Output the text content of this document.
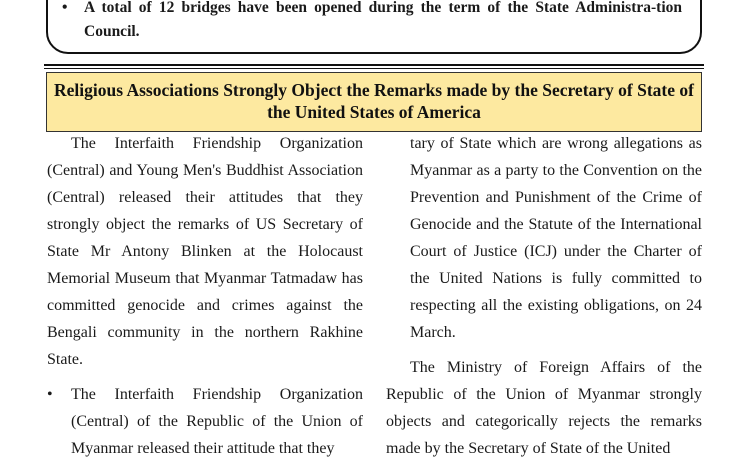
• A total of 12 bridges have been opened during the term of the State Administra-tion Council.
Religious Associations Strongly Object the Remarks made by the Secretary of State of the United States of America

The Interfaith Friendship Organization (Central) and Young Men's Buddhist Association (Central) released their attitudes that they strongly object the remarks of US Secretary of State Mr Antony Blinken at the Holocaust Memorial Museum that Myanmar Tatmadaw has committed genocide and crimes against the Bengali community in the northern Rakhine State.

• The Interfaith Friendship Organization (Central) of the Republic of the Union of Myanmar released their attitude that they

tary of State which are wrong allegations as Myanmar as a party to the Convention on the Prevention and Punishment of the Crime of Genocide and the Statute of the International Court of Justice (ICJ) under the Charter of the United Nations is fully committed to respecting all the existing obligations, on 24 March.

The Ministry of Foreign Affairs of the Republic of the Union of Myanmar strongly objects and categorically rejects the remarks made by the Secretary of State of the United
